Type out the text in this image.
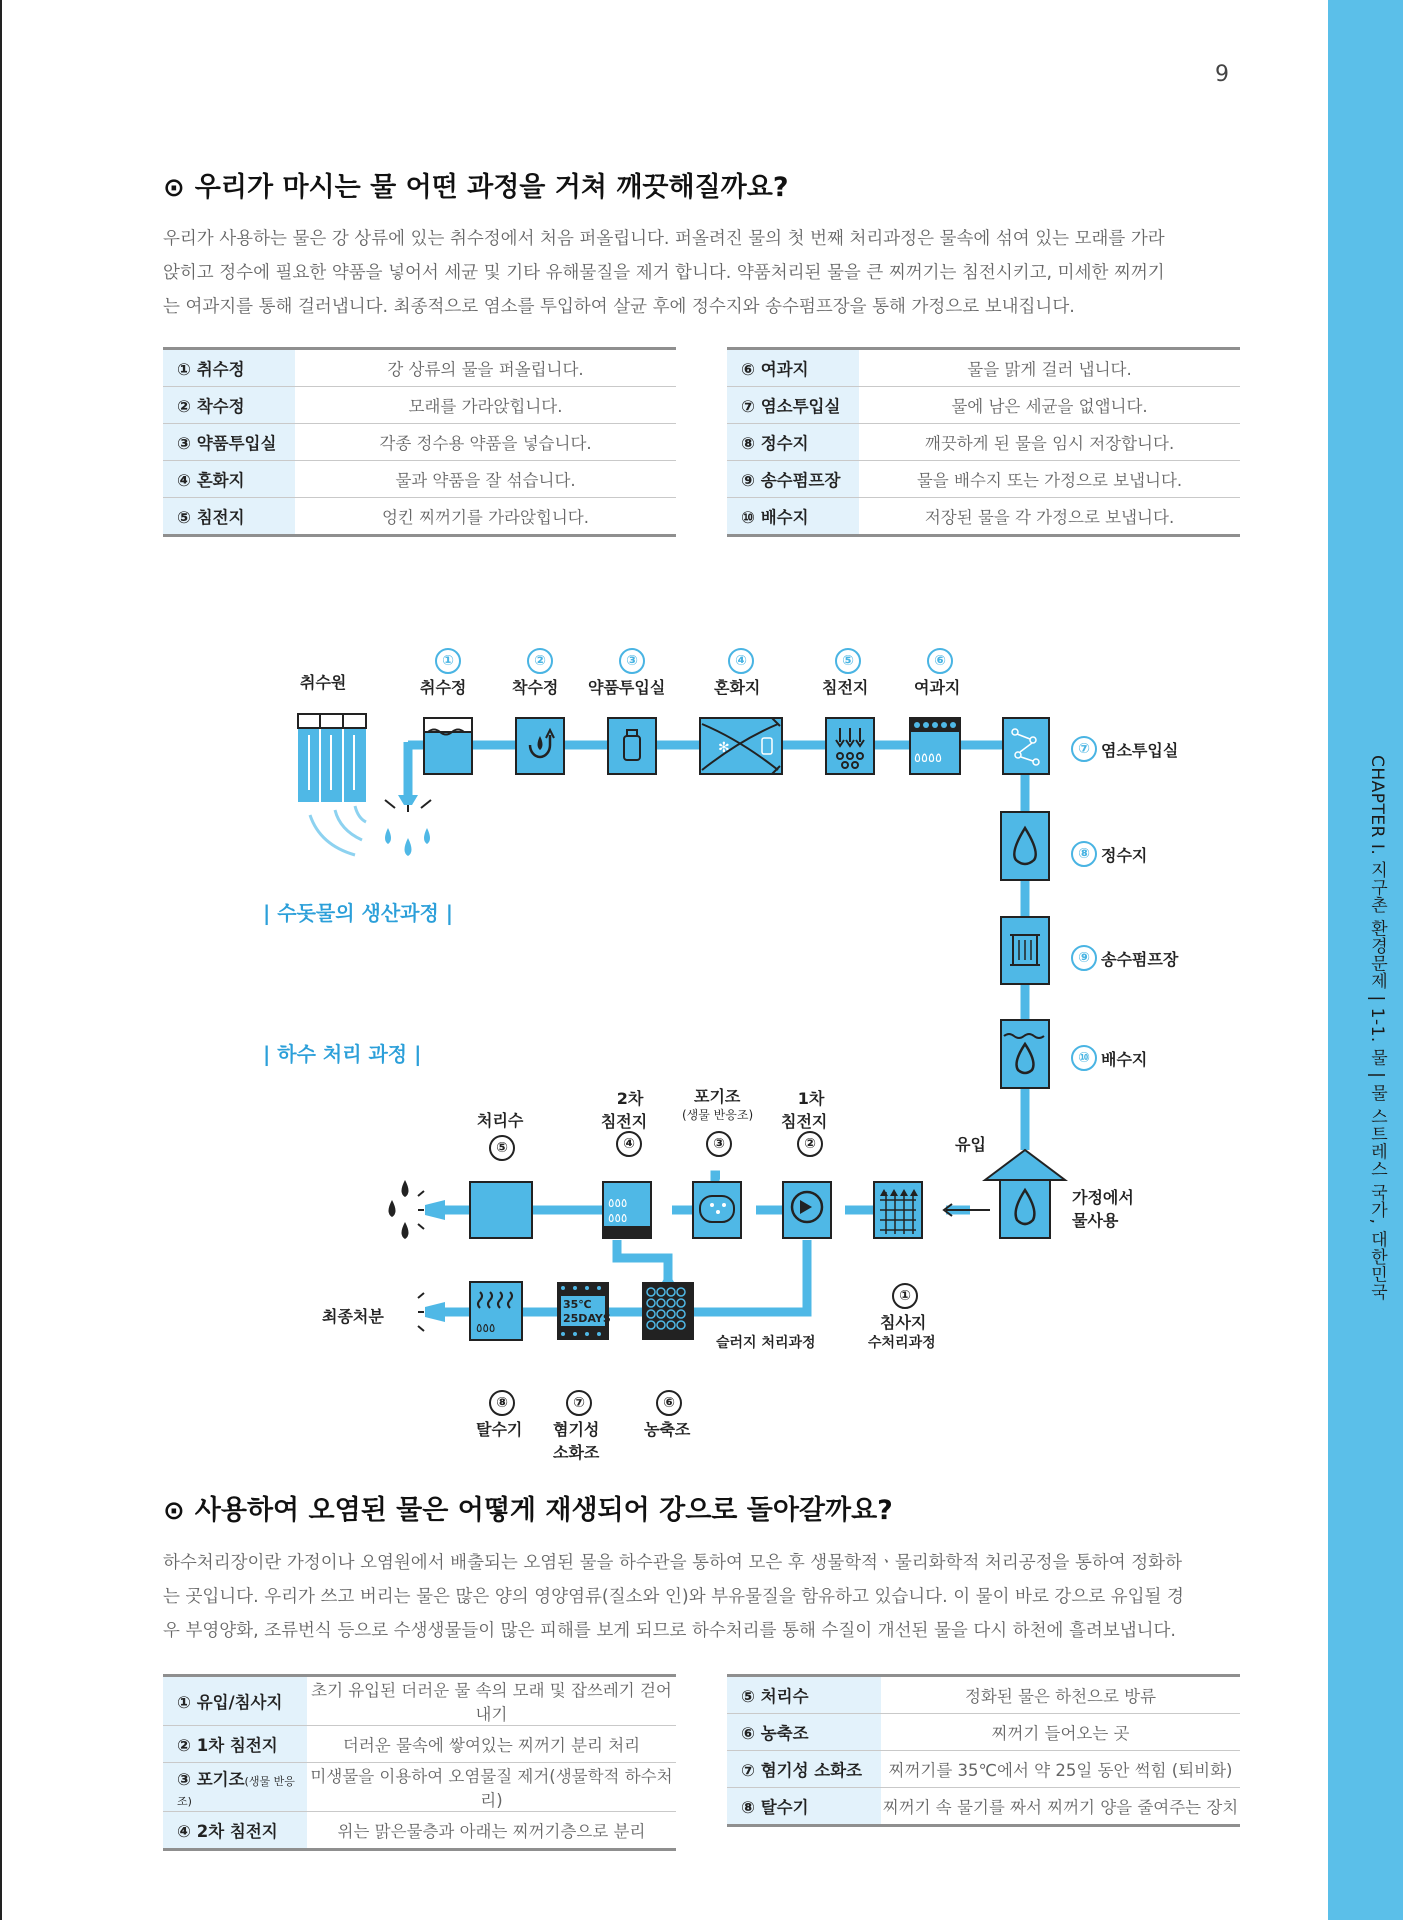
CHAPTER I. 지구촌 환경문제 | 1-1. 물 | 물 스트레스 국가, 대한민국
9
⊙ 우리가 마시는 물 어떤 과정을 거쳐 깨끗해질까요?
우리가 사용하는 물은 강 상류에 있는 취수정에서 처음 퍼올립니다. 퍼올려진 물의 첫 번째 처리과정은 물속에 섞여 있는 모래를 가라
앉히고 정수에 필요한 약품을 넣어서 세균 및 기타 유해물질을 제거 합니다. 약품처리된 물을 큰 찌꺼기는 침전시키고, 미세한 찌꺼기
는 여과지를 통해 걸러냅니다. 최종적으로 염소를 투입하여 살균 후에 정수지와 송수펌프장을 통해 가정으로 보내집니다.
① 취수정	강 상류의 물을 퍼올립니다.
② 착수정	모래를 가라앉힙니다.
③ 약품투입실	각종 정수용 약품을 넣습니다.
④ 혼화지	물과 약품을 잘 섞습니다.
⑤ 침전지	엉킨 찌꺼기를 가라앉힙니다.
⑥ 여과지	물을 맑게 걸러 냅니다.
⑦ 염소투입실	물에 남은 세균을 없앱니다.
⑧ 정수지	깨끗하게 된 물을 임시 저장합니다.
⑨ 송수펌프장	물을 배수지 또는 가정으로 보냅니다.
⑩ 배수지	저장된 물을 각 가정으로 보냅니다.
✻
٥٥٥٥
٥٥٥
٥٥٥
٥٥٥
취수원
①
취수정
②
착수정
③
약품투입실
④
혼화지
⑤
침전지
⑥
여과지
⑦ 염소투입실
⑧ 정수지
⑨ 송수펌프장
⑩ 배수지
| 수돗물의 생산과정 |
| 하수 처리 과정 |
유입
가정에서
물사용
처리수
⑤
2차
침전지
④
포기조
(생물 반응조)
③
1차
침전지
②
①
침사지
수처리과정
슬러지 처리과정
최종처분
35℃
25DAYS
⑧
탈수기
⑦
혐기성
소화조
⑥
농축조
⊙ 사용하여 오염된 물은 어떻게 재생되어 강으로 돌아갈까요?
하수처리장이란 가정이나 오염원에서 배출되는 오염된 물을 하수관을 통하여 모은 후 생물학적ㆍ물리화학적 처리공정을 통하여 정화하
는 곳입니다. 우리가 쓰고 버리는 물은 많은 양의 영양염류(질소와 인)와 부유물질을 함유하고 있습니다. 이 물이 바로 강으로 유입될 경
우 부영양화, 조류번식 등으로 수생생물들이 많은 피해를 보게 되므로 하수처리를 통해 수질이 개선된 물을 다시 하천에 흘려보냅니다.
① 유입/침사지	초기 유입된 더러운 물 속의 모래 및 잡쓰레기 걷어내기
② 1차 침전지	더러운 물속에 쌓여있는 찌꺼기 분리 처리
③ 포기조(생물 반응조)	미생물을 이용하여 오염물질 제거(생물학적 하수처리)
④ 2차 침전지	위는 맑은물층과 아래는 찌꺼기층으로 분리
⑤ 처리수	정화된 물은 하천으로 방류
⑥ 농축조	찌꺼기 들어오는 곳
⑦ 혐기성 소화조	찌꺼기를 35℃에서 약 25일 동안 썩힘 (퇴비화)
⑧ 탈수기	찌꺼기 속 물기를 짜서 찌꺼기 양을 줄여주는 장치
